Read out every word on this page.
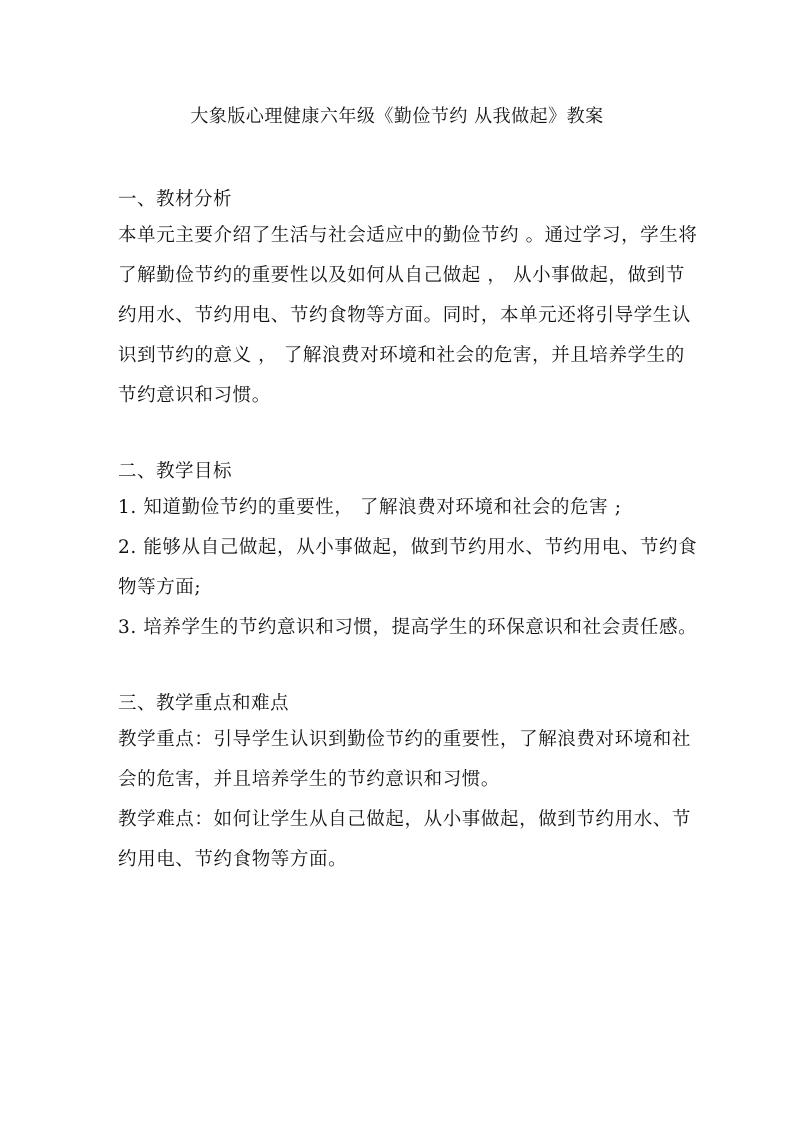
大象版心理健康六年级《勤俭节约 从我做起》教案

一、教材分析

本单元主要介绍了生活与社会适应中的勤俭节约 。通过学习，学生将了解勤俭节约的重要性以及如何从自己做起 ， 从小事做起，做到节约用水、节约用电、节约食物等方面。同时，本单元还将引导学生认识到节约的意义 ， 了解浪费对环境和社会的危害，并且培养学生的节约意识和习惯。

二、教学目标

1. 知道勤俭节约的重要性， 了解浪费对环境和社会的危害 ;

2. 能够从自己做起，从小事做起，做到节约用水、节约用电、节约食物等方面;

3. 培养学生的节约意识和习惯，提高学生的环保意识和社会责任感。

三、教学重点和难点

教学重点：引导学生认识到勤俭节约的重要性，了解浪费对环境和社会的危害，并且培养学生的节约意识和习惯。

教学难点：如何让学生从自己做起，从小事做起，做到节约用水、节约用电、节约食物等方面。
